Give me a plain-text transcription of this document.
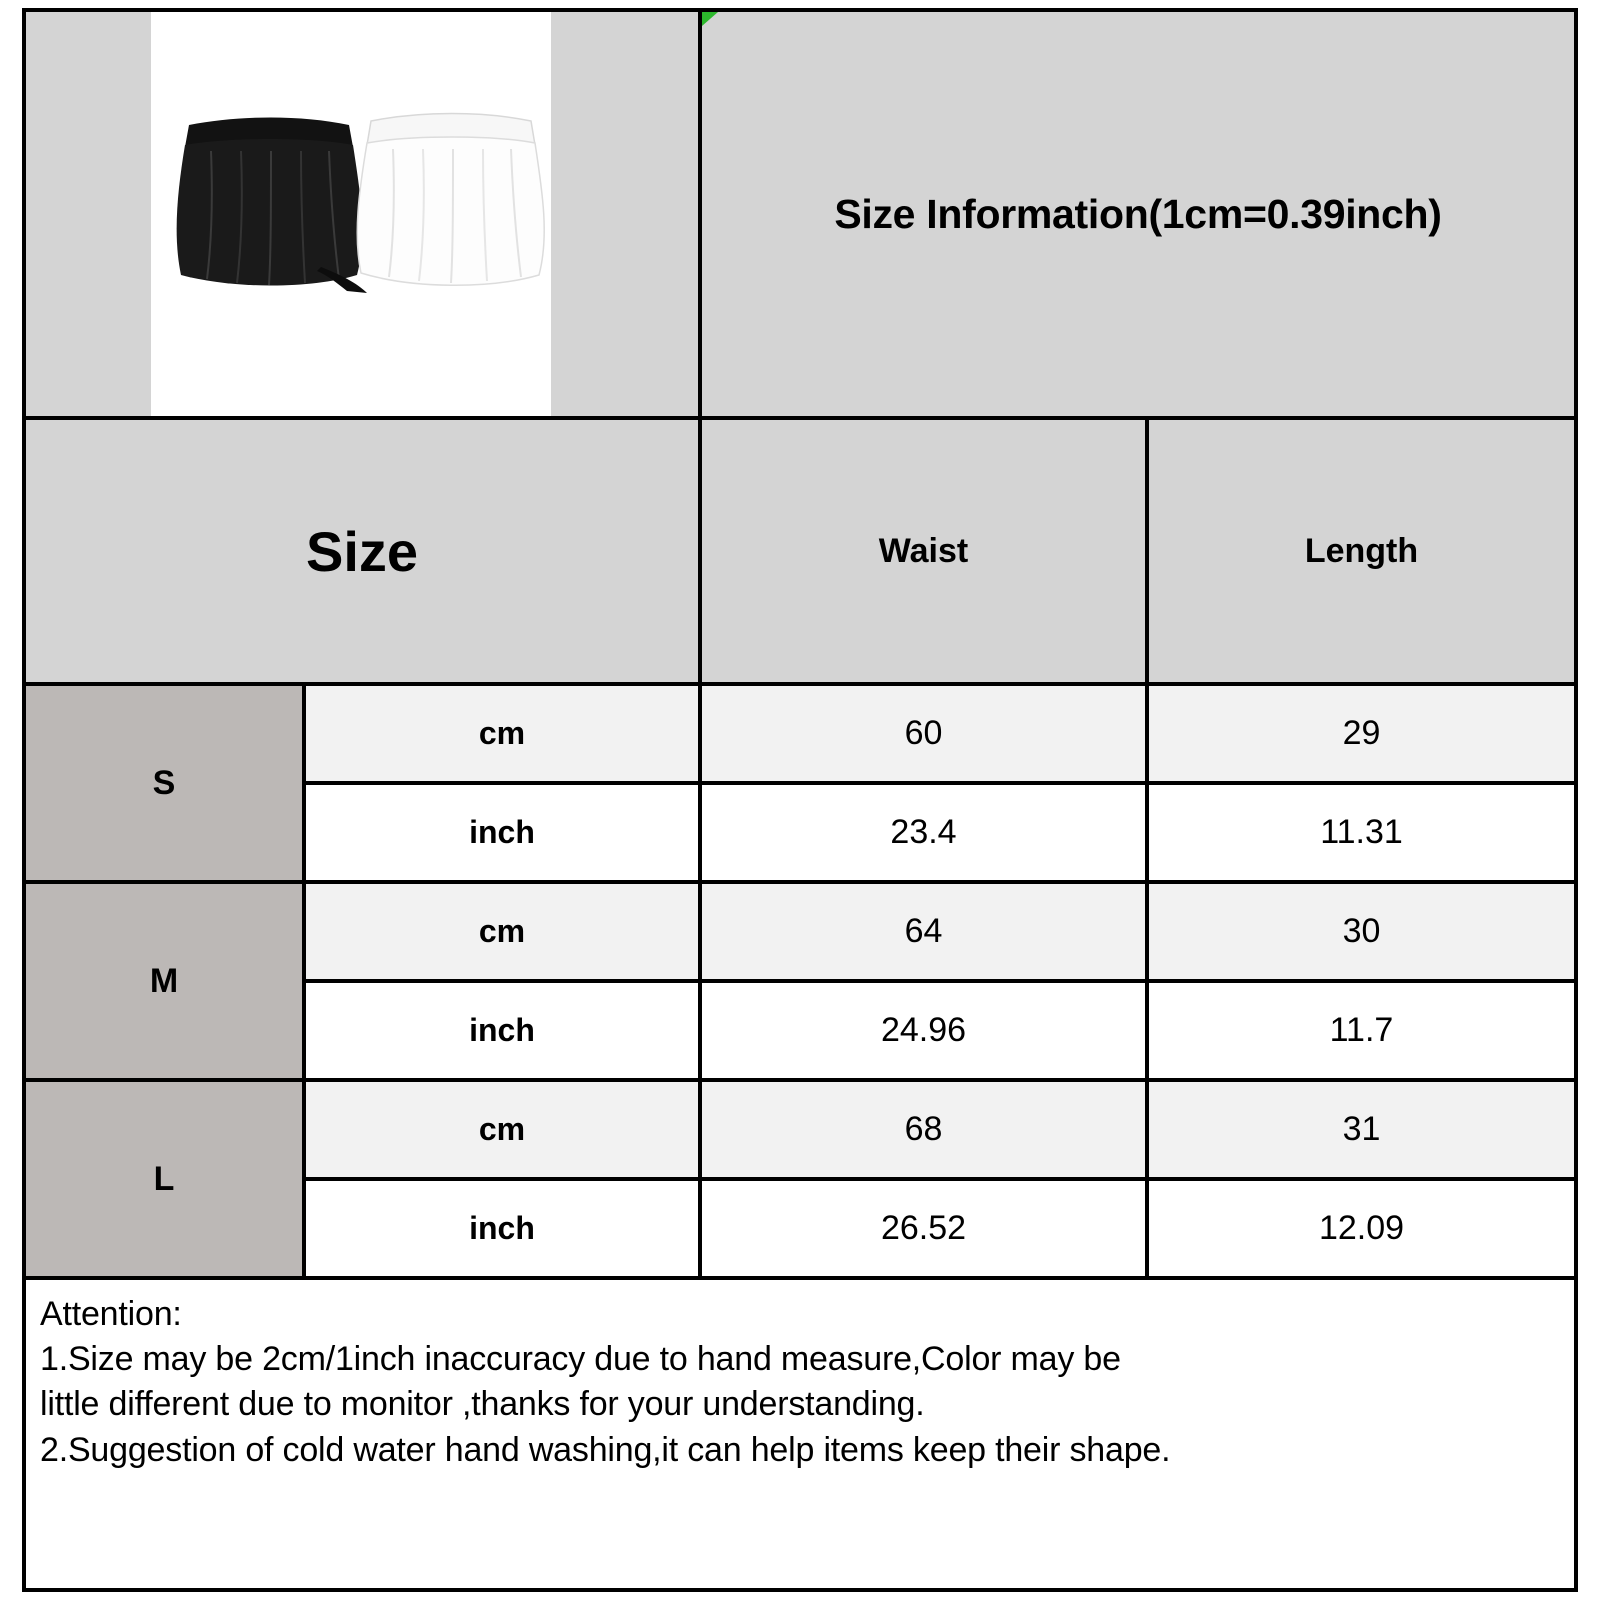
Size Information(1cm=0.39inch)
Size	Waist	Length
S
cm	60	29
inch	23.4	11.31
M
cm	64	30
inch	24.96	11.7
L
cm	68	31
inch	26.52	12.09
Attention:
1.Size may be 2cm/1inch inaccuracy due to hand measure,Color may be
little different due to monitor ,thanks for your understanding.
2.Suggestion of cold water hand washing,it can help items keep their shape.
